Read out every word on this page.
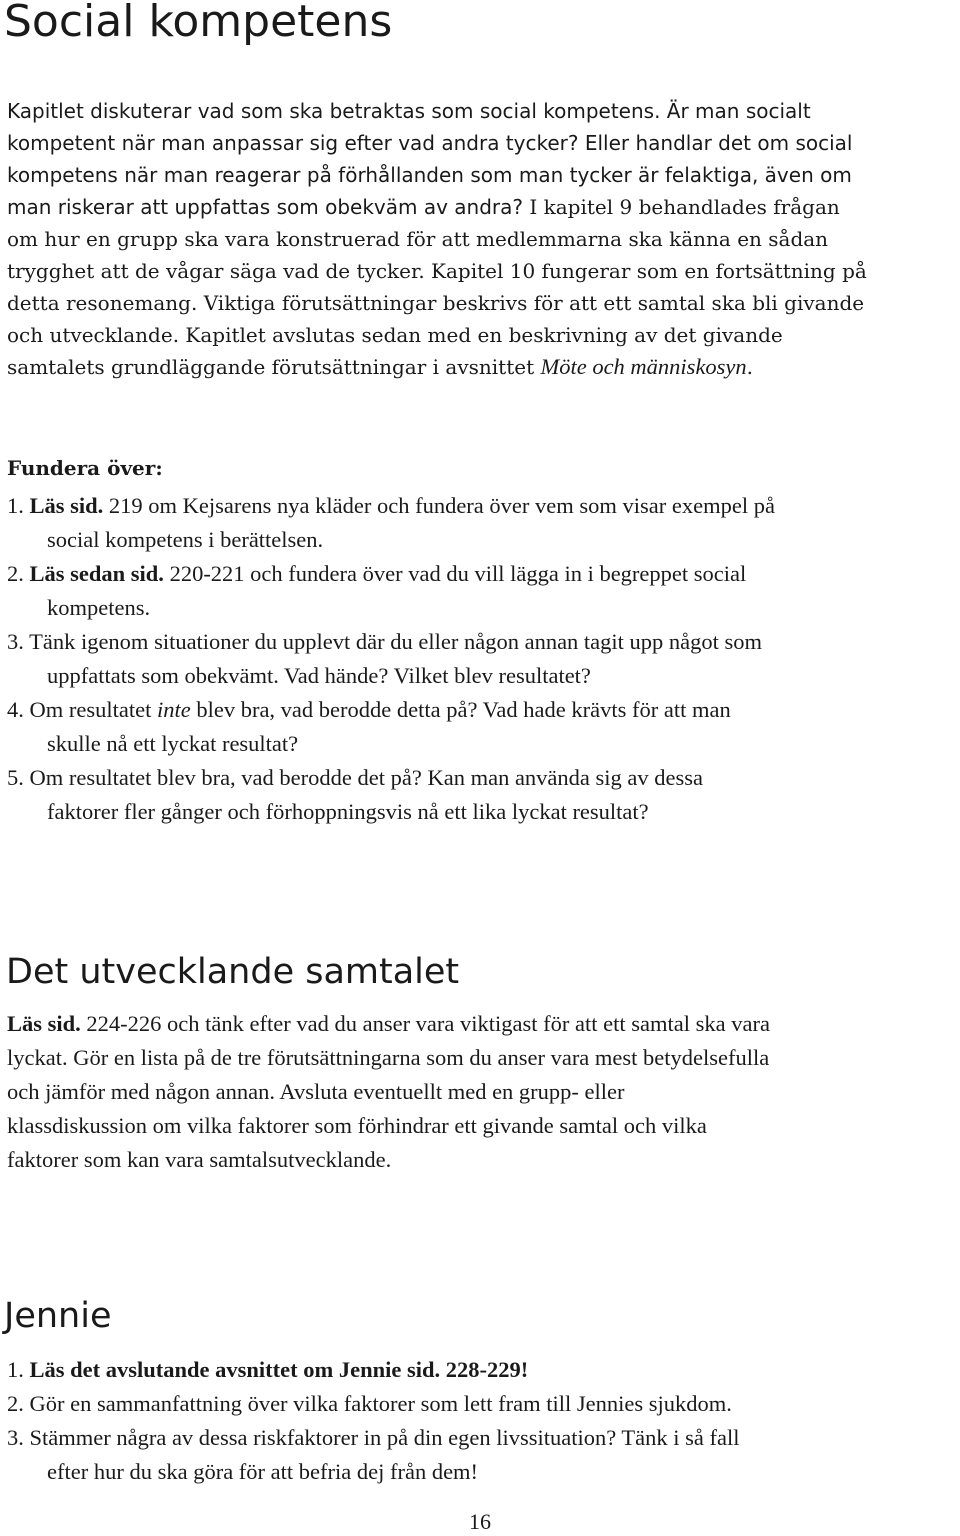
Social kompetens
Kapitlet diskuterar vad som ska betraktas som social kompetens. Är man socialt
kompetent när man anpassar sig efter vad andra tycker? Eller handlar det om social
kompetens när man reagerar på förhållanden som man tycker är felaktiga, även om
man riskerar att uppfattas som obekväm av andra? I kapitel 9 behandlades frågan
om hur en grupp ska vara konstruerad för att medlemmarna ska känna en sådan
trygghet att de vågar säga vad de tycker. Kapitel 10 fungerar som en fortsättning på
detta resonemang. Viktiga förutsättningar beskrivs för att ett samtal ska bli givande
och utvecklande. Kapitlet avslutas sedan med en beskrivning av det givande
samtalets grundläggande förutsättningar i avsnittet Möte och människosyn.
Fundera över:
1. Läs sid. 219 om Kejsarens nya kläder och fundera över vem som visar exempel på
social kompetens i berättelsen.
2. Läs sedan sid. 220-221 och fundera över vad du vill lägga in i begreppet social
kompetens.
3. Tänk igenom situationer du upplevt där du eller någon annan tagit upp något som
uppfattats som obekvämt. Vad hände? Vilket blev resultatet?
4. Om resultatet inte blev bra, vad berodde detta på? Vad hade krävts för att man
skulle nå ett lyckat resultat?
5. Om resultatet blev bra, vad berodde det på? Kan man använda sig av dessa
faktorer fler gånger och förhoppningsvis nå ett lika lyckat resultat?
Det utvecklande samtalet
Läs sid. 224-226 och tänk efter vad du anser vara viktigast för att ett samtal ska vara
lyckat. Gör en lista på de tre förutsättningarna som du anser vara mest betydelsefulla
och jämför med någon annan. Avsluta eventuellt med en grupp- eller
klassdiskussion om vilka faktorer som förhindrar ett givande samtal och vilka
faktorer som kan vara samtalsutvecklande.
Jennie
1. Läs det avslutande avsnittet om Jennie sid. 228-229!
2. Gör en sammanfattning över vilka faktorer som lett fram till Jennies sjukdom.
3. Stämmer några av dessa riskfaktorer in på din egen livssituation? Tänk i så fall
efter hur du ska göra för att befria dej från dem!
16
